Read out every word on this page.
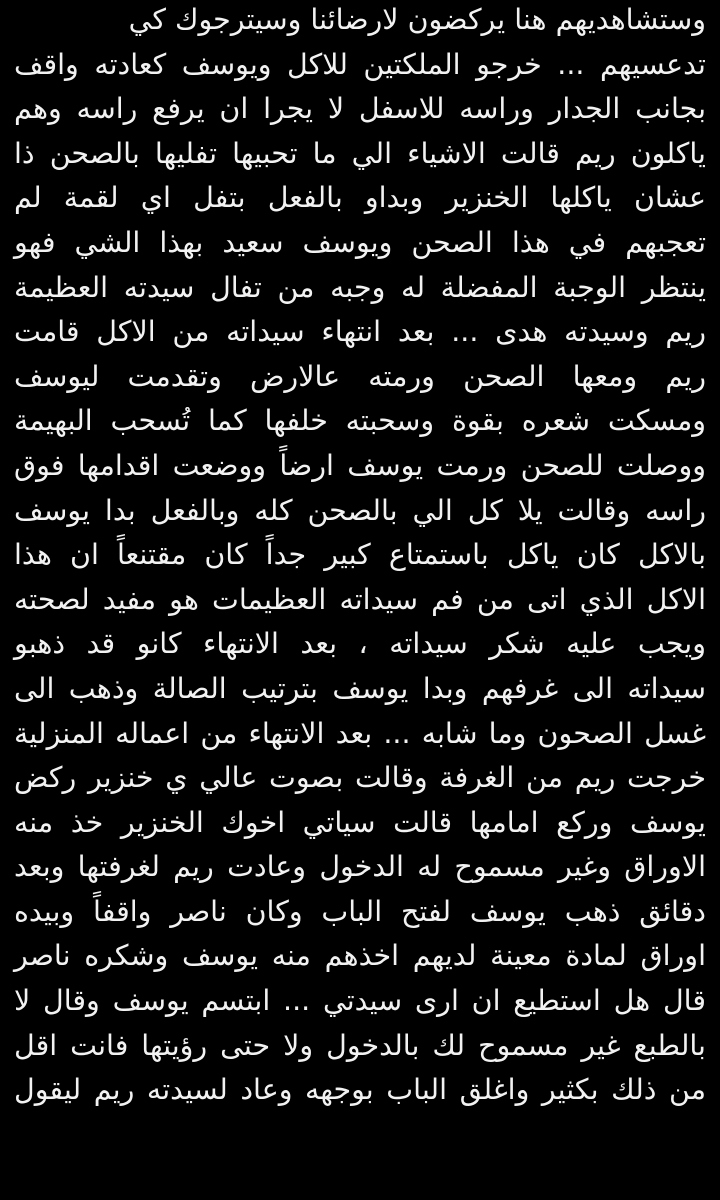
وستشاهديهم هنا يركضون لارضائنا وسيترجوك كي
تدعسيهم ... خرجو الملكتين للاكل ويوسف كعادته واقف
بجانب الجدار وراسه للاسفل لا يجرا ان يرفع راسه وهم
ياكلون ريم قالت الاشياء الي ما تحبيها تفليها بالصحن ذا
عشان ياكلها الخنزير وبداو بالفعل بتفل اي لقمة لم
تعجبهم في هذا الصحن ويوسف سعيد بهذا الشي فهو
ينتظر الوجبة المفضلة له وجبه من تفال سيدته العظيمة
ريم وسيدته هدى ... بعد انتهاء سيداته من الاكل قامت
ريم ومعها الصحن ورمته عالارض وتقدمت ليوسف
ومسكت شعره بقوة وسحبته خلفها كما تُسحب البهيمة
ووصلت للصحن ورمت يوسف ارضاً ووضعت اقدامها فوق
راسه وقالت يلا كل الي بالصحن كله وبالفعل بدا يوسف
بالاكل كان ياكل باستمتاع كبير جداً كان مقتنعاً ان هذا
الاكل الذي اتى من فم سيداته العظيمات هو مفيد لصحته
ويجب عليه شكر سيداته ، بعد الانتهاء كانو قد ذهبو
سيداته الى غرفهم وبدا يوسف بترتيب الصالة وذهب الى
غسل الصحون وما شابه ... بعد الانتهاء من اعماله المنزلية
خرجت ريم من الغرفة وقالت بصوت عالي ي خنزير ركض
يوسف وركع امامها قالت سياتي اخوك الخنزير خذ منه
الاوراق وغير مسموح له الدخول وعادت ريم لغرفتها وبعد
دقائق ذهب يوسف لفتح الباب وكان ناصر واقفاً وبيده
اوراق لمادة معينة لديهم اخذهم منه يوسف وشكره ناصر
قال هل استطيع ان ارى سيدتي ... ابتسم يوسف وقال لا
بالطبع غير مسموح لك بالدخول ولا حتى رؤيتها فانت اقل
من ذلك بكثير واغلق الباب بوجهه وعاد لسيدته ريم ليقول
